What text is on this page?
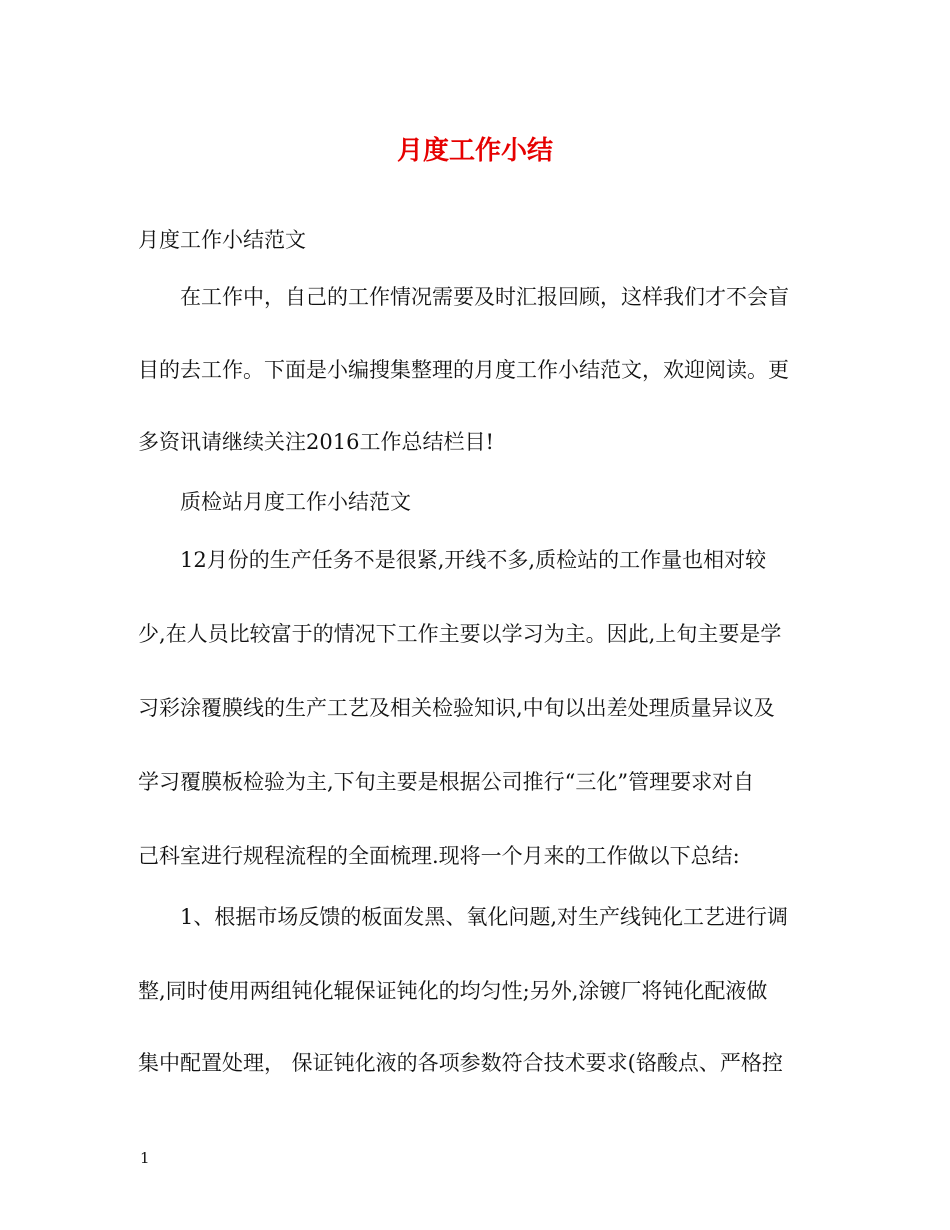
月度工作小结

月度工作小结范文

在工作中，自己的工作情况需要及时汇报回顾，这样我们才不会盲

目的去工作。下面是小编搜集整理的月度工作小结范文，欢迎阅读。更

多资讯请继续关注2016工作总结栏目!

质检站月度工作小结范文

12月份的生产任务不是很紧,开线不多,质检站的工作量也相对较

少,在人员比较富于的情况下工作主要以学习为主。因此,上旬主要是学

习彩涂覆膜线的生产工艺及相关检验知识,中旬以出差处理质量异议及

学习覆膜板检验为主,下旬主要是根据公司推行“三化”管理要求对自

己科室进行规程流程的全面梳理.现将一个月来的工作做以下总结:

1、根据市场反馈的板面发黑、氧化问题,对生产线钝化工艺进行调

整,同时使用两组钝化辊保证钝化的均匀性;另外,涂镀厂将钝化配液做

集中配置处理， 保证钝化液的各项参数符合技术要求(铬酸点、严格控

1
